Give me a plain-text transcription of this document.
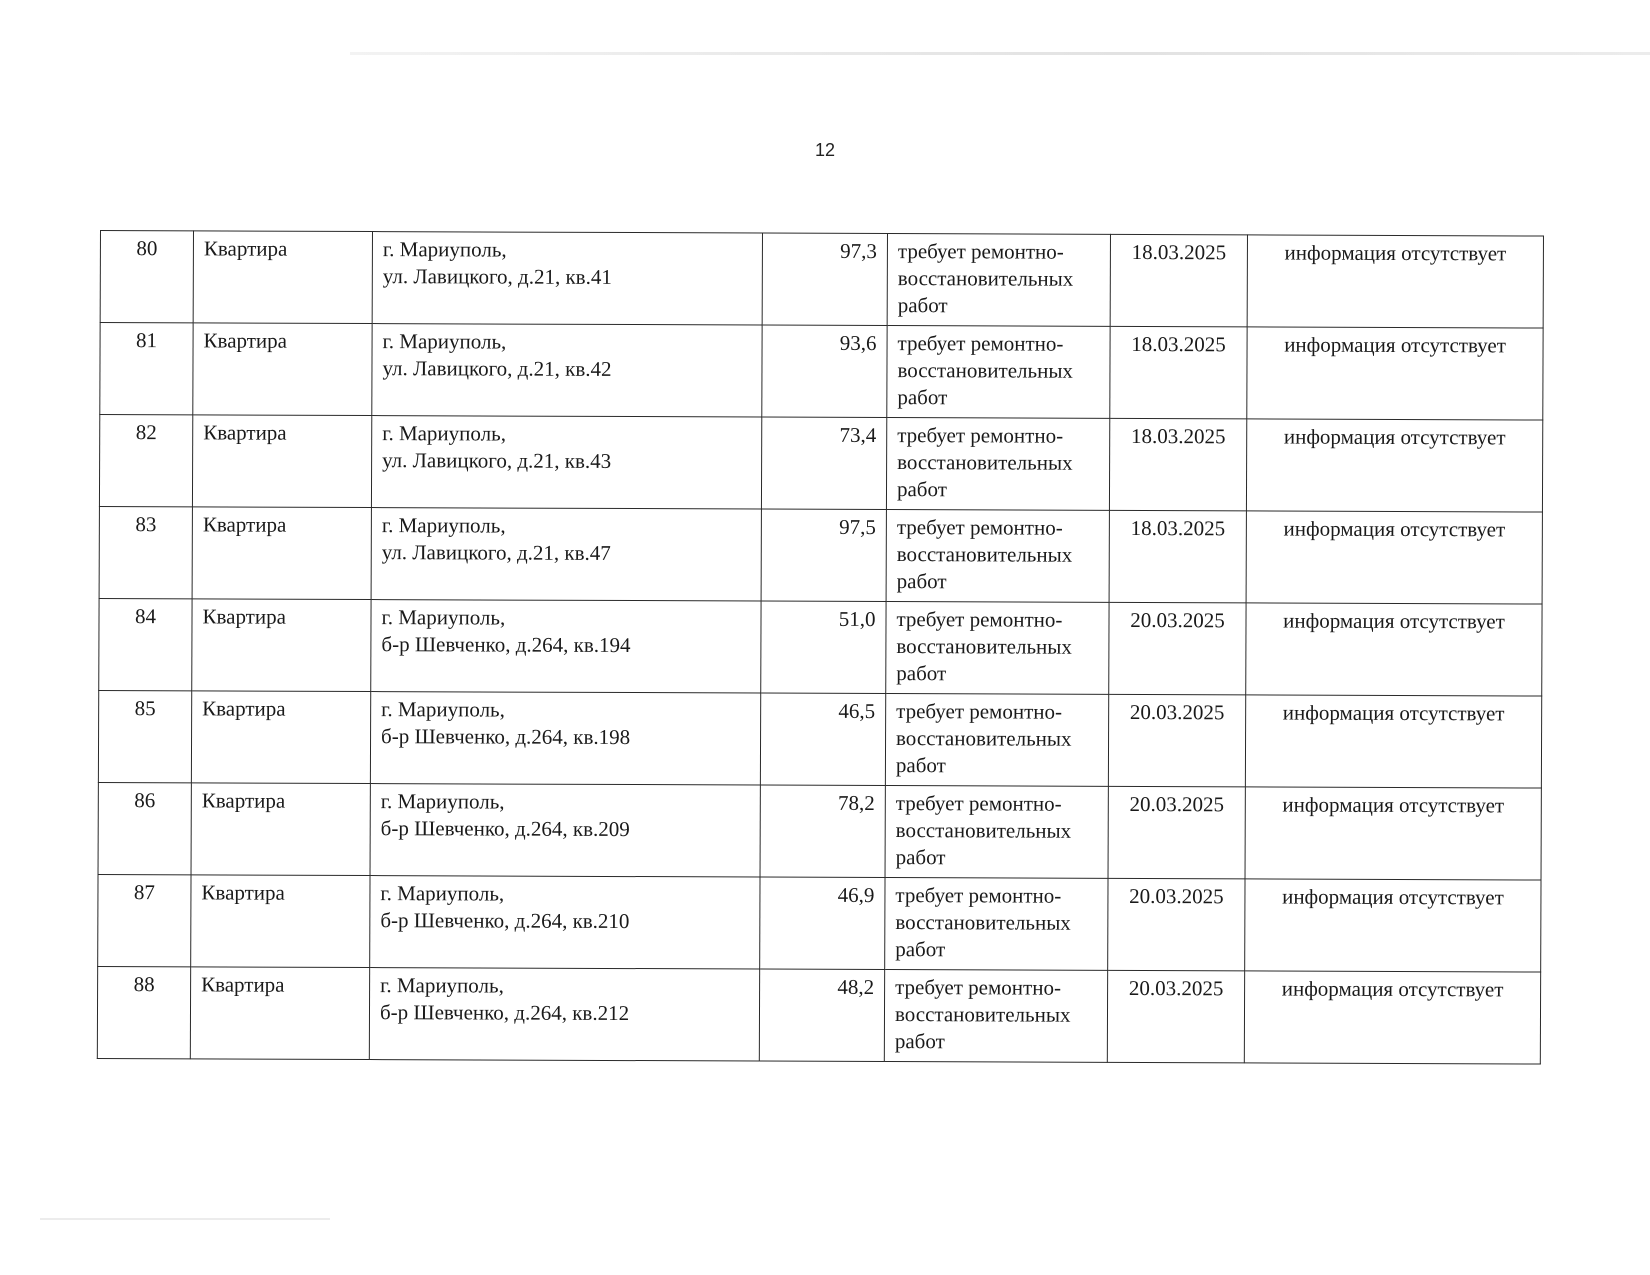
12
80	Квартира	г. Мариуполь,
ул. Лавицкого, д.21, кв.41	97,3	требует ремонтно-
восстановительных
работ	18.03.2025	информация отсутствует
81	Квартира	г. Мариуполь,
ул. Лавицкого, д.21, кв.42	93,6	требует ремонтно-
восстановительных
работ	18.03.2025	информация отсутствует
82	Квартира	г. Мариуполь,
ул. Лавицкого, д.21, кв.43	73,4	требует ремонтно-
восстановительных
работ	18.03.2025	информация отсутствует
83	Квартира	г. Мариуполь,
ул. Лавицкого, д.21, кв.47	97,5	требует ремонтно-
восстановительных
работ	18.03.2025	информация отсутствует
84	Квартира	г. Мариуполь,
б-р Шевченко, д.264, кв.194	51,0	требует ремонтно-
восстановительных
работ	20.03.2025	информация отсутствует
85	Квартира	г. Мариуполь,
б-р Шевченко, д.264, кв.198	46,5	требует ремонтно-
восстановительных
работ	20.03.2025	информация отсутствует
86	Квартира	г. Мариуполь,
б-р Шевченко, д.264, кв.209	78,2	требует ремонтно-
восстановительных
работ	20.03.2025	информация отсутствует
87	Квартира	г. Мариуполь,
б-р Шевченко, д.264, кв.210	46,9	требует ремонтно-
восстановительных
работ	20.03.2025	информация отсутствует
88	Квартира	г. Мариуполь,
б-р Шевченко, д.264, кв.212	48,2	требует ремонтно-
восстановительных
работ	20.03.2025	информация отсутствует
